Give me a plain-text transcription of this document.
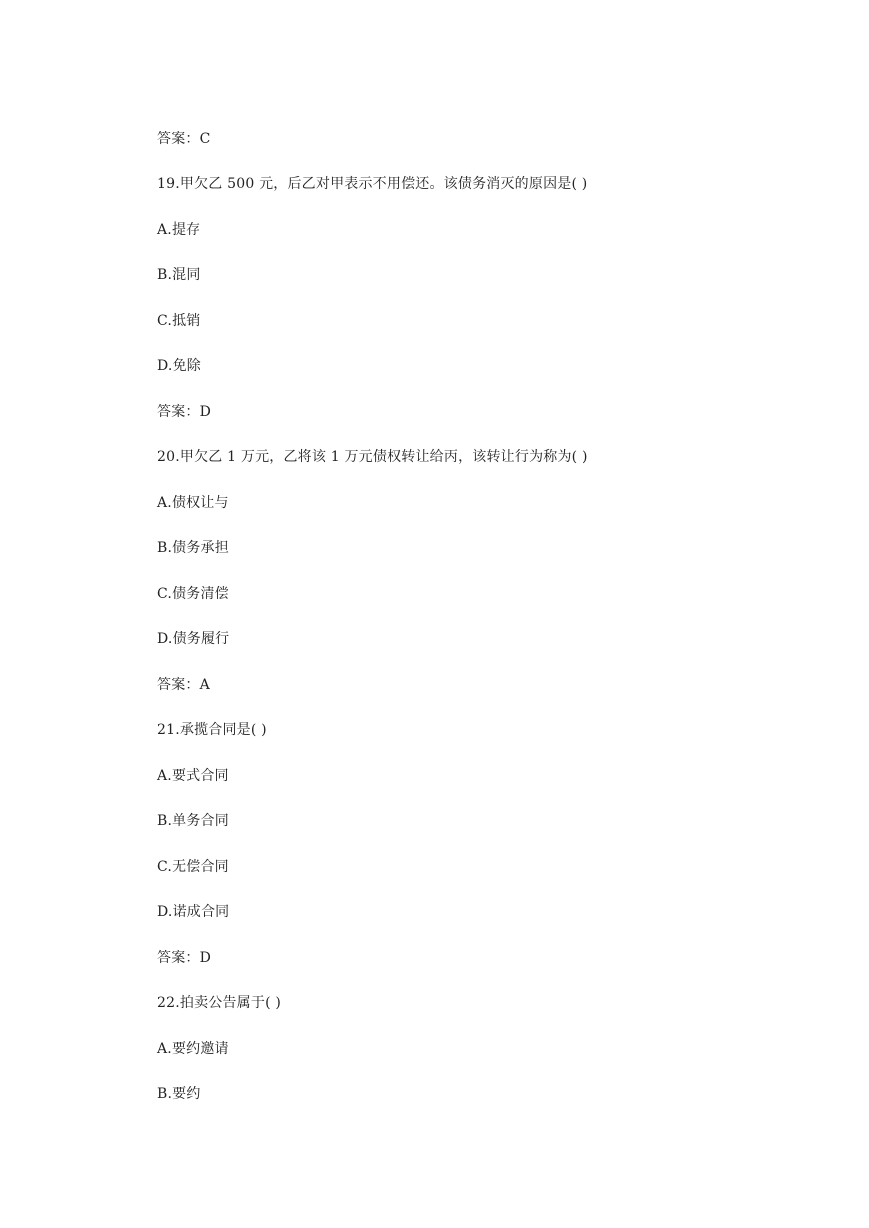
答案：C
19.甲欠乙 500 元，后乙对甲表示不用偿还。该债务消灭的原因是( )
A.提存
B.混同
C.抵销
D.免除
答案：D
20.甲欠乙 1 万元，乙将该 1 万元债权转让给丙，该转让行为称为( )
A.债权让与
B.债务承担
C.债务清偿
D.债务履行
答案：A
21.承揽合同是( )
A.要式合同
B.单务合同
C.无偿合同
D.诺成合同
答案：D
22.拍卖公告属于( )
A.要约邀请
B.要约
